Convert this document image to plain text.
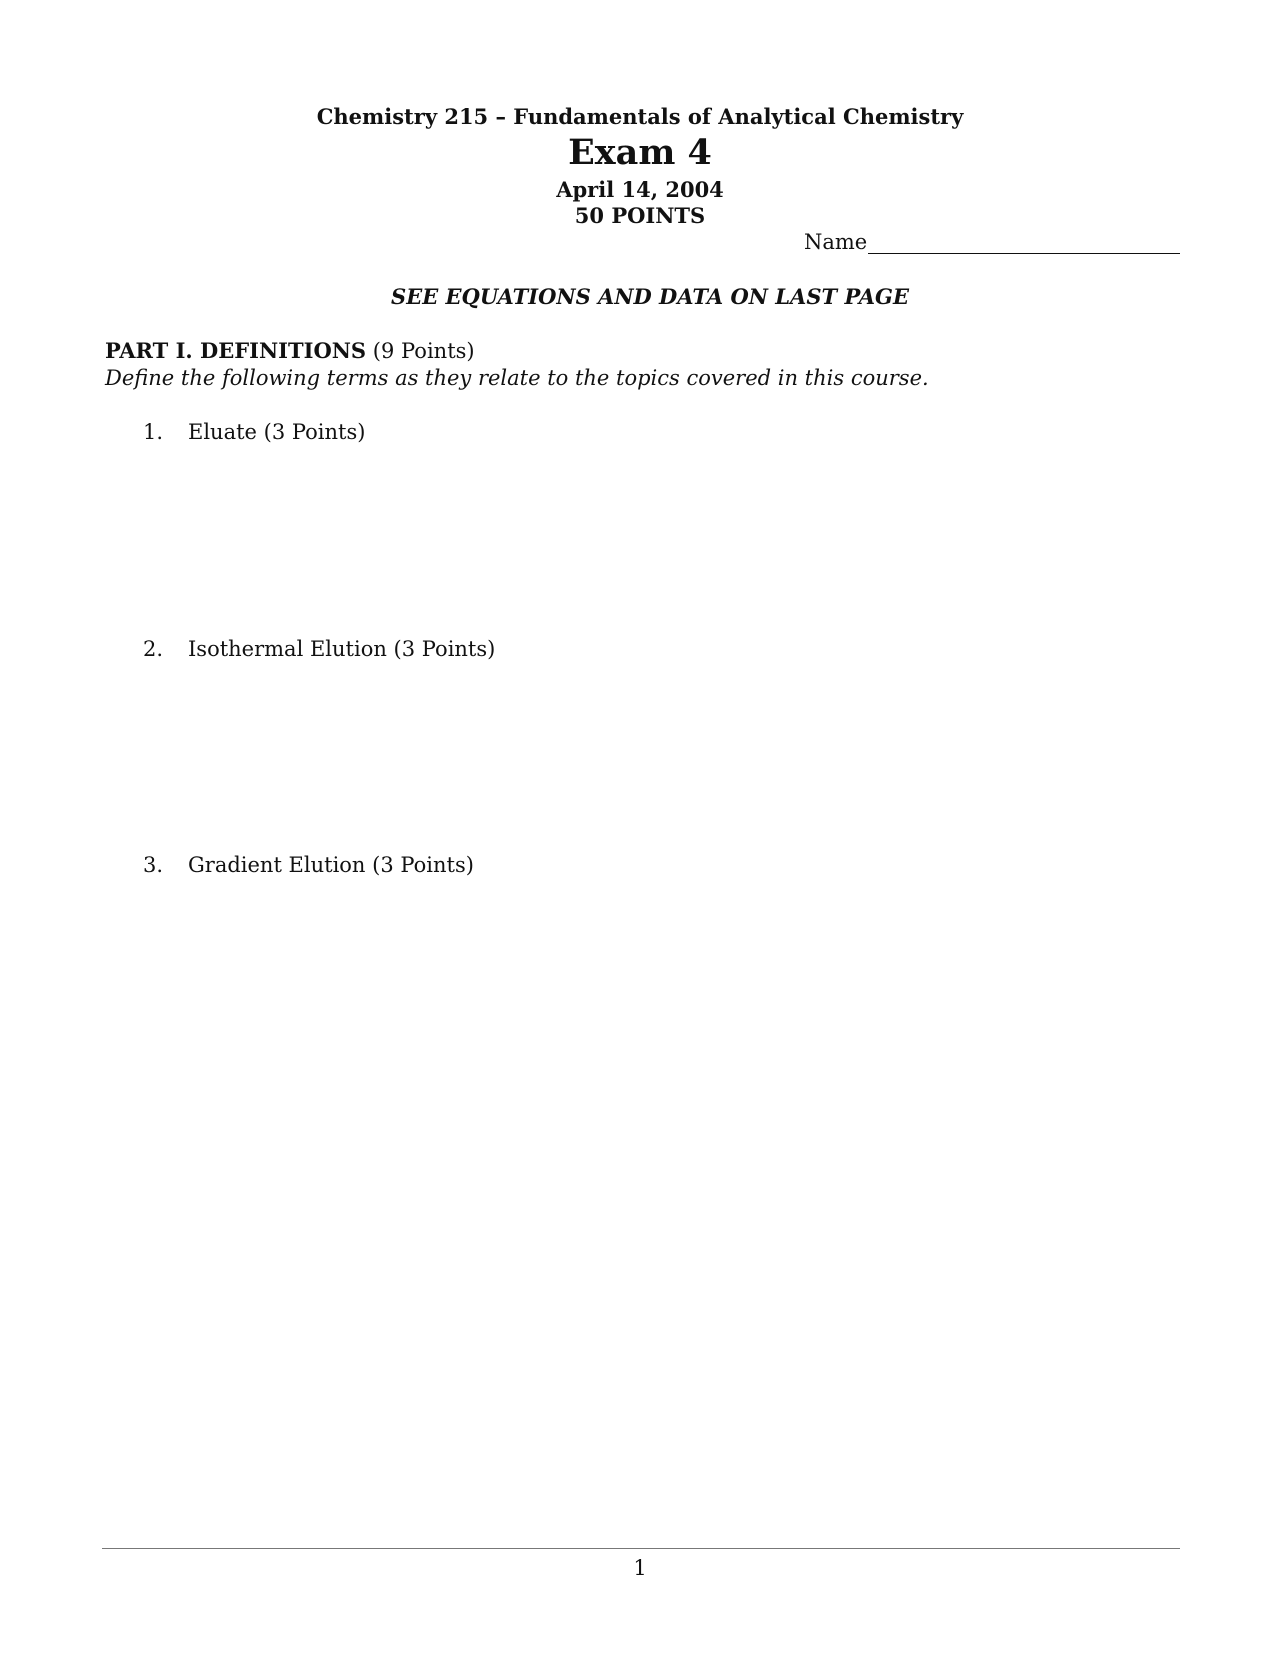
Chemistry 215 – Fundamentals of Analytical Chemistry
Exam 4
April 14, 2004
50 POINTS
Name
SEE EQUATIONS AND DATA ON LAST PAGE
PART I. DEFINITIONS (9 Points)
Define the following terms as they relate to the topics covered in this course.
1.	Eluate (3 Points)
2.	Isothermal Elution (3 Points)
3.	Gradient Elution (3 Points)
1
